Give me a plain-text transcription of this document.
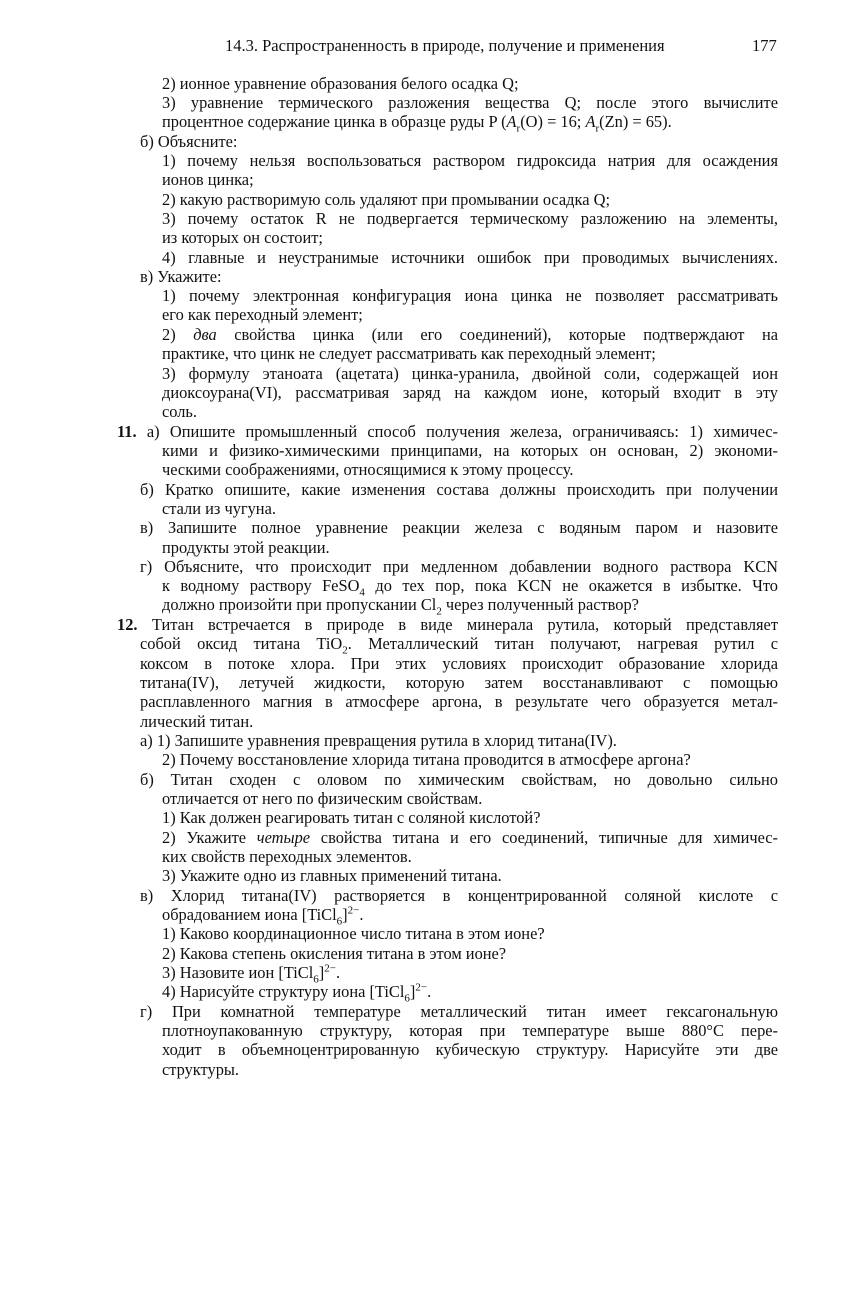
14.3. Распространенность в природе, получение и применения	177
2) ионное уравнение образования белого осадка Q;
3) уравнение термического разложения вещества Q; после этого вычислите
процентное содержание цинка в образце руды P ($A_r(O) = 16$; $A_r(Zn) = 65$).
б) Объясните:
1) почему нельзя воспользоваться раствором гидроксида натрия для осаждения
ионов цинка;
2) какую растворимую соль удаляют при промывании осадка Q;
3) почему остаток R не подвергается термическому разложению на элементы,
из которых он состоит;
4) главные и неустранимые источники ошибок при проводимых вычислениях.
в) Укажите:
1) почему электронная конфигурация иона цинка не позволяет рассматривать
его как переходный элемент;
2) два свойства цинка (или его соединений), которые подтверждают на
практике, что цинк не следует рассматривать как переходный элемент;
3) формулу этаноата (ацетата) цинка-уранила, двойной соли, содержащей ион
диоксоурана(VI), рассматривая заряд на каждом ионе, который входит в эту
соль.
11. а) Опишите промышленный способ получения железа, ограничиваясь: 1) химичес-
кими и физико-химическими принципами, на которых он основан, 2) экономи-
ческими соображениями, относящимися к этому процессу.
б) Кратко опишите, какие изменения состава должны происходить при получении
стали из чугуна.
в) Запишите полное уравнение реакции железа с водяным паром и назовите
продукты этой реакции.
г) Объясните, что происходит при медленном добавлении водного раствора KCN
к водному раствору FeSO$_4$ до тех пор, пока KCN не окажется в избытке. Что
должно произойти при пропускании $Cl_2$ через полученный раствор?
12. Титан встречается в природе в виде минерала рутила, который представляет
собой оксид титана TiO$_2$. Металлический титан получают, нагревая рутил с
коксом в потоке хлора. При этих условиях происходит образование хлорида
титана(IV), летучей жидкости, которую затем восстанавливают с помощью
расплавленного магния в атмосфере аргона, в результате чего образуется метал-
лический титан.
а) 1) Запишите уравнения превращения рутила в хлорид титана(IV).
2) Почему восстановление хлорида титана проводится в атмосфере аргона?
б) Титан сходен с оловом по химическим свойствам, но довольно сильно
отличается от него по физическим свойствам.
1) Как должен реагировать титан с соляной кислотой?
2) Укажите четыре свойства титана и его соединений, типичные для химичес-
ких свойств переходных элементов.
3) Укажите одно из главных применений титана.
в) Хлорид титана(IV) растворяется в концентрированной соляной кислоте с
обрадованием иона [TiCl$_6$]$^{2-}$.
1) Каково координационное число титана в этом ионе?
2) Какова степень окисления титана в этом ионе?
3) Назовите ион [TiCl$_6$]$^{2-}$.
4) Нарисуйте структуру иона [TiCl$_6$]$^{2-}$.
г) При комнатной температуре металлический титан имеет гексагональную
плотноупакованную структуру, которая при температуре выше 880°C пере-
ходит в объемноцентрированную кубическую структуру. Нарисуйте эти две
структуры.
